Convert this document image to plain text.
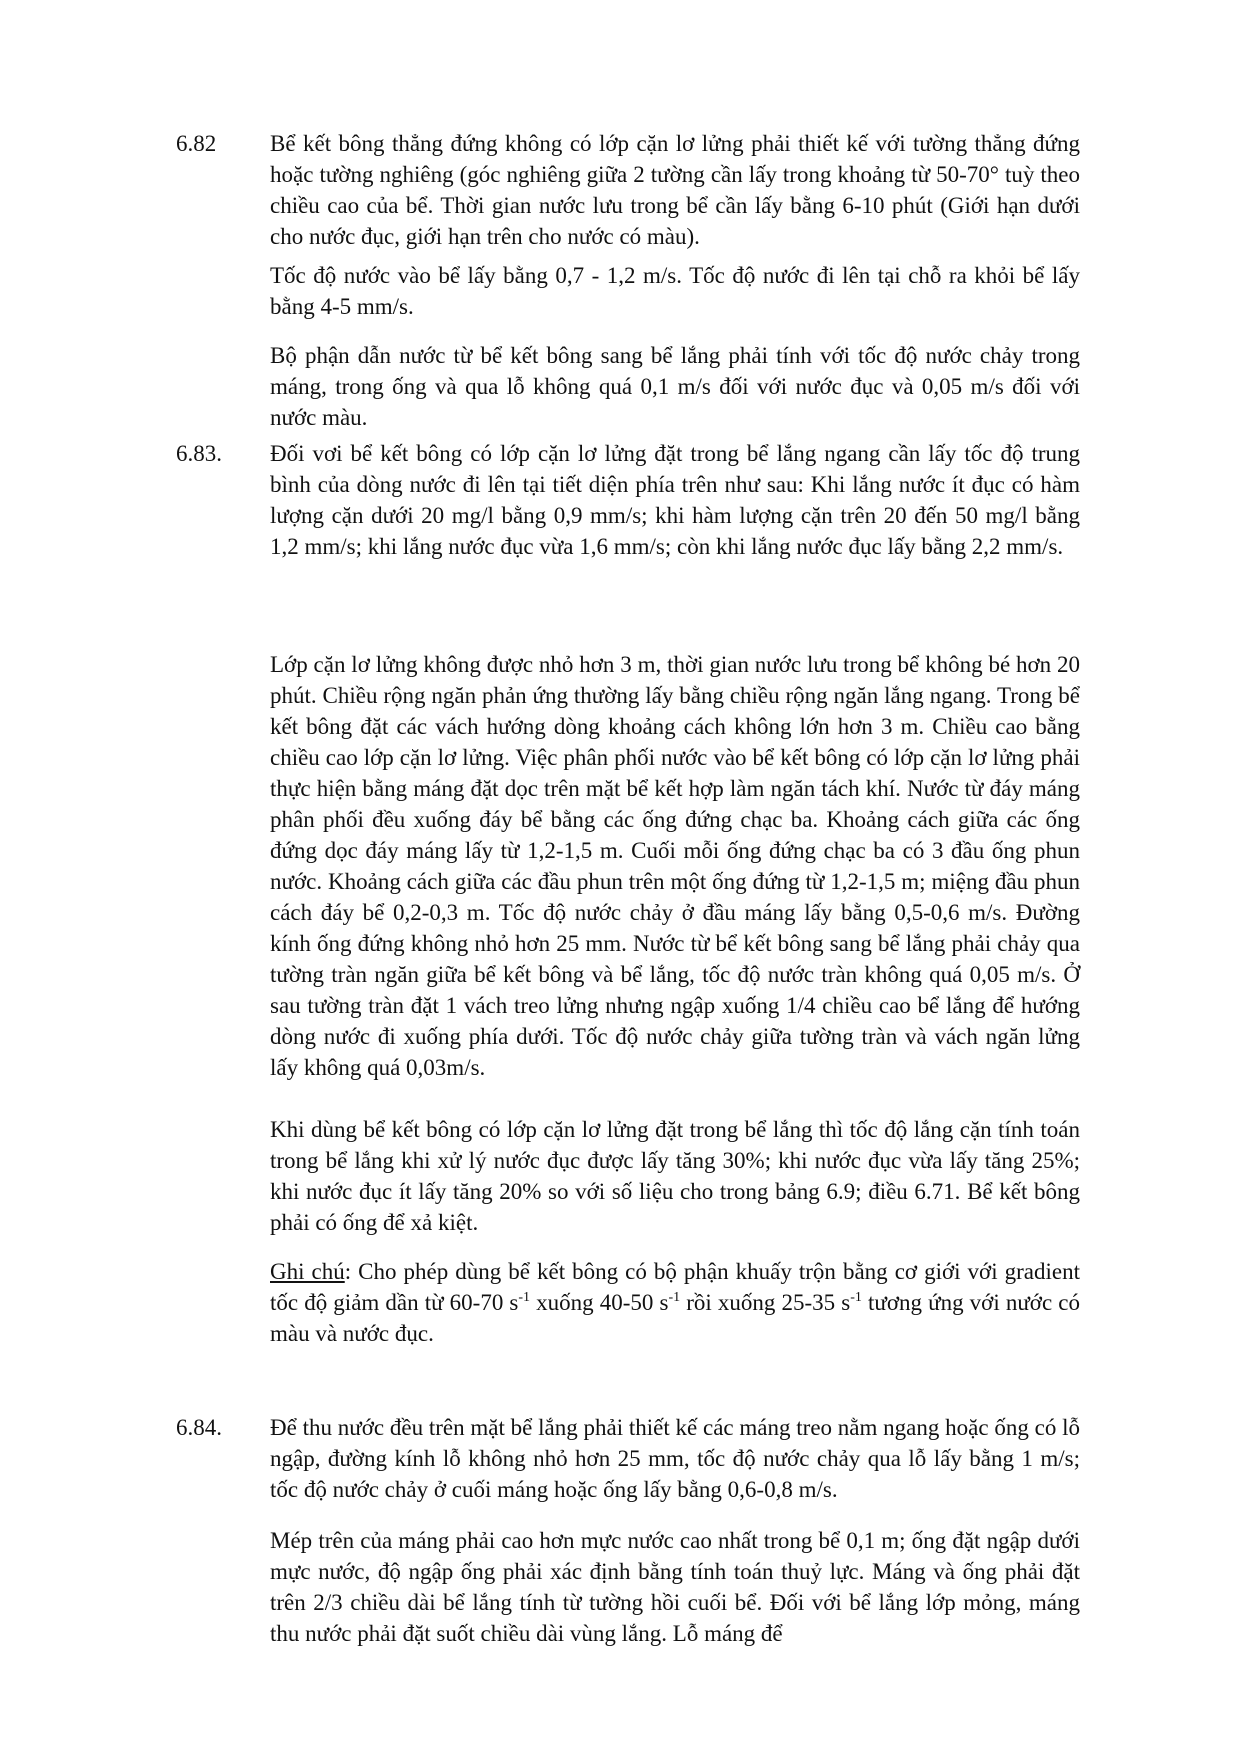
6.82 Bể kết bông thẳng đứng không có lớp cặn lơ lửng phải thiết kế với tường thẳng đứng hoặc tường nghiêng (góc nghiêng giữa 2 tường cần lấy trong khoảng từ 50-70° tuỳ theo chiều cao của bể. Thời gian nước lưu trong bể cần lấy bằng 6-10 phút (Giới hạn dưới cho nước đục, giới hạn trên cho nước có màu).

Tốc độ nước vào bể lấy bằng 0,7 - 1,2 m/s. Tốc độ nước đi lên tại chỗ ra khỏi bể lấy bằng 4-5 mm/s.

Bộ phận dẫn nước từ bể kết bông sang bể lắng phải tính với tốc độ nước chảy trong máng, trong ống và qua lỗ không quá 0,1 m/s đối với nước đục và 0,05 m/s đối với nước màu.

6.83. Đối vơi bể kết bông có lớp cặn lơ lửng đặt trong bể lắng ngang cần lấy tốc độ trung bình của dòng nước đi lên tại tiết diện phía trên như sau: Khi lắng nước ít đục có hàm lượng cặn dưới 20 mg/l bằng 0,9 mm/s; khi hàm lượng cặn trên 20 đến 50 mg/l bằng 1,2 mm/s; khi lắng nước đục vừa 1,6 mm/s; còn khi lắng nước đục lấy bằng 2,2 mm/s.

Lớp cặn lơ lửng không được nhỏ hơn 3 m, thời gian nước lưu trong bể không bé hơn 20 phút. Chiều rộng ngăn phản ứng thường lấy bằng chiều rộng ngăn lắng ngang. Trong bể kết bông đặt các vách hướng dòng khoảng cách không lớn hơn 3 m. Chiều cao bằng chiều cao lớp cặn lơ lửng. Việc phân phối nước vào bể kết bông có lớp cặn lơ lửng phải thực hiện bằng máng đặt dọc trên mặt bể kết hợp làm ngăn tách khí. Nước từ đáy máng phân phối đều xuống đáy bể bằng các ống đứng chạc ba. Khoảng cách giữa các ống đứng dọc đáy máng lấy từ 1,2-1,5 m. Cuối mỗi ống đứng chạc ba có 3 đầu ống phun nước. Khoảng cách giữa các đầu phun trên một ống đứng từ 1,2-1,5 m; miệng đầu phun cách đáy bể 0,2-0,3 m. Tốc độ nước chảy ở đầu máng lấy bằng 0,5-0,6 m/s. Đường kính ống đứng không nhỏ hơn 25 mm. Nước từ bể kết bông sang bể lắng phải chảy qua tường tràn ngăn giữa bể kết bông và bể lắng, tốc độ nước tràn không quá 0,05 m/s. Ở sau tường tràn đặt 1 vách treo lửng nhưng ngập xuống 1/4 chiều cao bể lắng để hướng dòng nước đi xuống phía dưới. Tốc độ nước chảy giữa tường tràn và vách ngăn lửng lấy không quá 0,03m/s.

Khi dùng bể kết bông có lớp cặn lơ lửng đặt trong bể lắng thì tốc độ lắng cặn tính toán trong bể lắng khi xử lý nước đục được lấy tăng 30%; khi nước đục vừa lấy tăng 25%; khi nước đục ít lấy tăng 20% so với số liệu cho trong bảng 6.9; điều 6.71. Bể kết bông phải có ống để xả kiệt.

Ghi chú: Cho phép dùng bể kết bông có bộ phận khuấy trộn bằng cơ giới với gradient tốc độ giảm dần từ 60-70 $s^{-1}$ xuống 40-50 $s^{-1}$ rồi xuống 25-35 $s^{-1}$ tương ứng với nước có màu và nước đục.

6.84. Để thu nước đều trên mặt bể lắng phải thiết kế các máng treo nằm ngang hoặc ống có lỗ ngập, đường kính lỗ không nhỏ hơn 25 mm, tốc độ nước chảy qua lỗ lấy bằng 1 m/s; tốc độ nước chảy ở cuối máng hoặc ống lấy bằng 0,6-0,8 m/s.

Mép trên của máng phải cao hơn mực nước cao nhất trong bể 0,1 m; ống đặt ngập dưới mực nước, độ ngập ống phải xác định bằng tính toán thuỷ lực. Máng và ống phải đặt trên 2/3 chiều dài bể lắng tính từ tường hồi cuối bể. Đối với bể lắng lớp mỏng, máng thu nước phải đặt suốt chiều dài vùng lắng. Lỗ máng để
